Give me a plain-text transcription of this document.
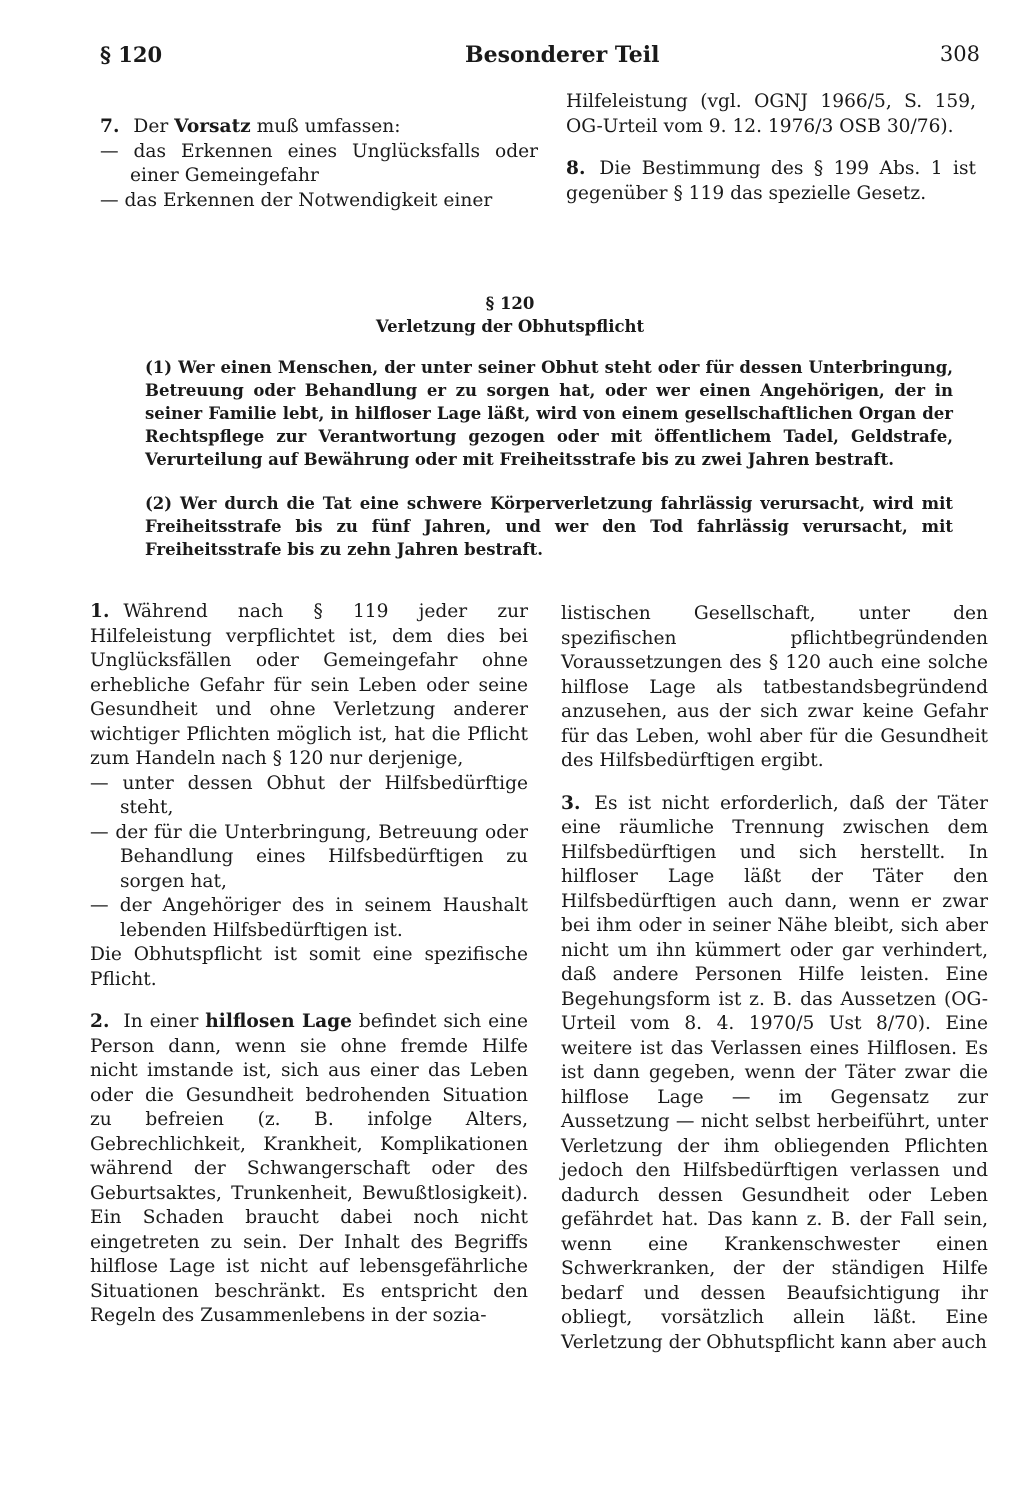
§ 120	Besonderer Teil	308
7. Der Vorsatz muß umfassen:
— das Erkennen eines Unglücksfalls oder einer Gemeingefahr
— das Erkennen der Notwendigkeit einer
Hilfeleistung (vgl. OGNJ 1966/5, S. 159, OG-Urteil vom 9. 12. 1976/3 OSB 30/76).
8. Die Bestimmung des § 199 Abs. 1 ist gegenüber § 119 das spezielle Gesetz.
§ 120
Verletzung der Obhutspflicht
(1) Wer einen Menschen, der unter seiner Obhut steht oder für dessen Unterbringung, Betreuung oder Behandlung er zu sorgen hat, oder wer einen Angehörigen, der in seiner Familie lebt, in hilfloser Lage läßt, wird von einem gesellschaftlichen Organ der Rechtspflege zur Verantwortung gezogen oder mit öffentlichem Tadel, Geldstrafe, Verurteilung auf Bewährung oder mit Freiheitsstrafe bis zu zwei Jahren bestraft.
(2) Wer durch die Tat eine schwere Körperverletzung fahrlässig verursacht, wird mit Freiheitsstrafe bis zu fünf Jahren, und wer den Tod fahrlässig verursacht, mit Freiheitsstrafe bis zu zehn Jahren bestraft.
1. Während nach § 119 jeder zur Hilfeleistung verpflichtet ist, dem dies bei Unglücksfällen oder Gemeingefahr ohne erhebliche Gefahr für sein Leben oder seine Gesundheit und ohne Verletzung anderer wichtiger Pflichten möglich ist, hat die Pflicht zum Handeln nach § 120 nur derjenige,
— unter dessen Obhut der Hilfsbedürftige steht,
— der für die Unterbringung, Betreuung oder Behandlung eines Hilfsbedürftigen zu sorgen hat,
— der Angehöriger des in seinem Haushalt lebenden Hilfsbedürftigen ist.
Die Obhutspflicht ist somit eine spezifische Pflicht.
2. In einer hilflosen Lage befindet sich eine Person dann, wenn sie ohne fremde Hilfe nicht imstande ist, sich aus einer das Leben oder die Gesundheit bedrohenden Situation zu befreien (z. B. infolge Alters, Gebrechlichkeit, Krankheit, Komplikationen während der Schwangerschaft oder des Geburtsaktes, Trunkenheit, Bewußtlosigkeit). Ein Schaden braucht dabei noch nicht eingetreten zu sein. Der Inhalt des Begriffs hilflose Lage ist nicht auf lebensgefährliche Situationen beschränkt. Es entspricht den Regeln des Zusammenlebens in der sozia-
listischen Gesellschaft, unter den spezifischen pflichtbegründenden Voraussetzungen des § 120 auch eine solche hilflose Lage als tatbestandsbegründend anzusehen, aus der sich zwar keine Gefahr für das Leben, wohl aber für die Gesundheit des Hilfsbedürftigen ergibt.
3. Es ist nicht erforderlich, daß der Täter eine räumliche Trennung zwischen dem Hilfsbedürftigen und sich herstellt. In hilfloser Lage läßt der Täter den Hilfsbedürftigen auch dann, wenn er zwar bei ihm oder in seiner Nähe bleibt, sich aber nicht um ihn kümmert oder gar verhindert, daß andere Personen Hilfe leisten. Eine Begehungsform ist z. B. das Aussetzen (OG-Urteil vom 8. 4. 1970/5 Ust 8/70). Eine weitere ist das Verlassen eines Hilflosen. Es ist dann gegeben, wenn der Täter zwar die hilflose Lage — im Gegensatz zur Aussetzung — nicht selbst herbeiführt, unter Verletzung der ihm obliegenden Pflichten jedoch den Hilfsbedürftigen verlassen und dadurch dessen Gesundheit oder Leben gefährdet hat. Das kann z. B. der Fall sein, wenn eine Krankenschwester einen Schwerkranken, der der ständigen Hilfe bedarf und dessen Beaufsichtigung ihr obliegt, vorsätzlich allein läßt. Eine Verletzung der Obhutspflicht kann aber auch
